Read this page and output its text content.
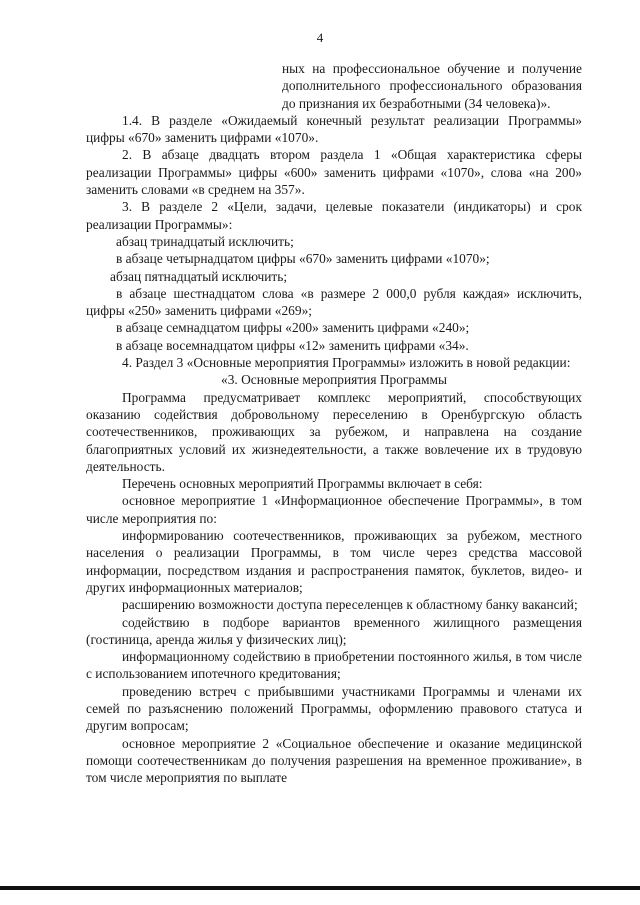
4

ных на профессиональное обучение и получение дополнительного профессионального образования до признания их безработными (34 человека)».

1.4. В разделе «Ожидаемый конечный результат реализации Программы» цифры «670» заменить цифрами «1070».

2. В абзаце двадцать втором раздела 1 «Общая характеристика сферы реализации Программы» цифры «600» заменить цифрами «1070», слова «на 200» заменить словами «в среднем на 357».

3. В разделе 2 «Цели, задачи, целевые показатели (индикаторы) и срок реализации Программы»:

абзац тринадцатый исключить;

в абзаце четырнадцатом цифры «670» заменить цифрами «1070»;

абзац пятнадцатый исключить;

в абзаце шестнадцатом слова «в размере 2 000,0 рубля каждая» исключить, цифры «250» заменить цифрами «269»;

в абзаце семнадцатом цифры «200» заменить цифрами «240»;

в абзаце восемнадцатом цифры «12» заменить цифрами «34».

4. Раздел 3 «Основные мероприятия Программы» изложить в новой редакции:

«3. Основные мероприятия Программы

Программа предусматривает комплекс мероприятий, способствующих оказанию содействия добровольному переселению в Оренбургскую область соотечественников, проживающих за рубежом, и направлена на создание благоприятных условий их жизнедеятельности, а также вовлечение их в трудовую деятельность.

Перечень основных мероприятий Программы включает в себя:

основное мероприятие 1 «Информационное обеспечение Программы», в том числе мероприятия по:

информированию соотечественников, проживающих за рубежом, местного населения о реализации Программы, в том числе через средства массовой информации, посредством издания и распространения памяток, буклетов, видео- и других информационных материалов;

расширению возможности доступа переселенцев к областному банку вакансий;

содействию в подборе вариантов временного жилищного размещения (гостиница, аренда жилья у физических лиц);

информационному содействию в приобретении постоянного жилья, в том числе с использованием ипотечного кредитования;

проведению встреч с прибывшими участниками Программы и членами их семей по разъяснению положений Программы, оформлению правового статуса и другим вопросам;

основное мероприятие 2 «Социальное обеспечение и оказание медицинской помощи соотечественникам до получения разрешения на временное проживание», в том числе мероприятия по выплате
